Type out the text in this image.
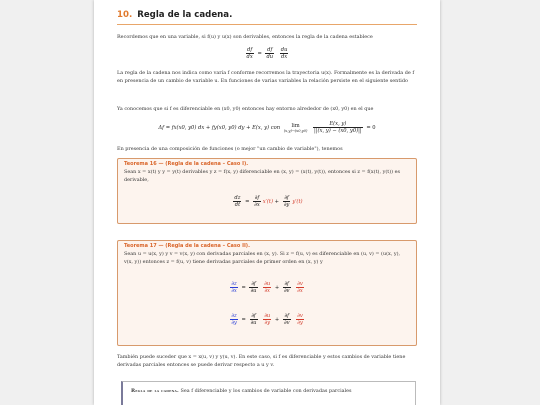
10. Regla de la cadena.

Recordemos que en una variable, si f(u) y u(x) son derivables, entonces la regla de la cadena establece

$\frac{df}{dx} = \frac{df}{du}$
$\frac{du}{dx}$

La regla de la cadena nos indica como varía f conforme recorremos la trayectoria u(x). Formalmente es la derivada de f en presencia de un cambio de variable u. En funciones de varias variables la relación persiste en el siguiente sentido

Ya conocemos que si f es diferenciable en (x0, y0) entonces hay entorno alrededor de (x0, y0) en el que

Δf = fx(x0, y0) dx + fy(x0, y0) dy + E(x, y) con	lim
(x,y)→(x0,y0)
$\frac{E(x, y)}{||(x, y) - (x0, y0)||} = 0$

En presencia de una composición de funciones (o mejor "un cambio de variable"), tenemos

Teorema 16 — (Regla de la cadena – Caso I).

Sean x = x(t) y y = y(t) derivables y z = f(x, y) diferenciable en (x, y) = (x(t), y(t)), entonces si z = f(x(t), y(t)) es derivable,

$\frac{dz}{dt} = \frac{\partial f}{\partial x} x'(t) + \frac{\partial f}{\partial y} y'(t)$
Teorema 17 — (Regla de la cadena – Caso II).

Sean u = u(x, y) y v = v(x, y) con derivadas parciales en (x, y). Si z = f(u, v) es diferenciable en (u, v) = (u(x, y), v(x, y)) entonces z = f(u, v) tiene derivadas parciales de primer orden en (x, y) y

$\frac{\partial z}{\partial x} = \frac{\partial f}{\partial u}$
$\frac{\partial u}{\partial x} + \frac{\partial f}{\partial v}$
$\frac{\partial v}{\partial x}$
$\frac{\partial z}{\partial y} = \frac{\partial f}{\partial u}$
$\frac{\partial u}{\partial y} + \frac{\partial f}{\partial v}$
$\frac{\partial v}{\partial y}$

También puede suceder que x = x(u, v) y y(u, v). En este caso, si f es diferenciable y estos cambios de variable tiene derivadas parciales entonces se puede derivar respecto a u y v.

Regla de la cadena. Sea f diferenciable y los cambios de variable con derivadas parciales
